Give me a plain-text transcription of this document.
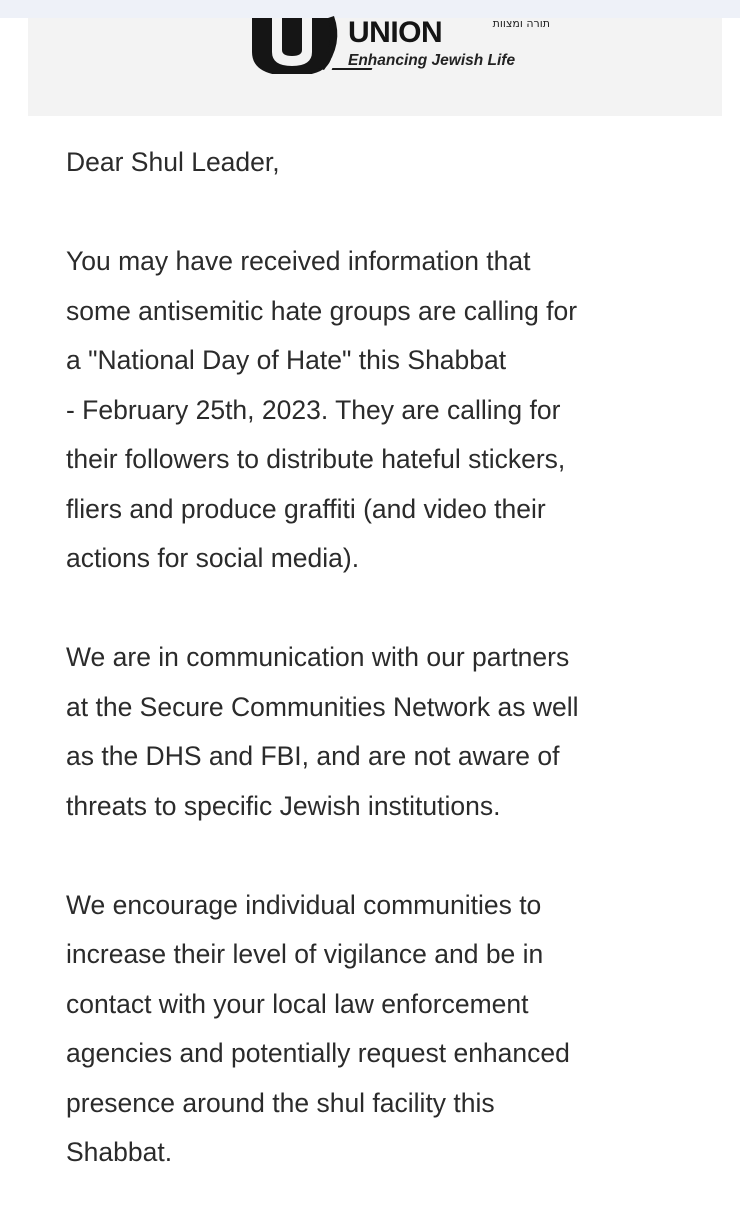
UNION	תורה ומצוות
Enhancing Jewish Life

Dear Shul Leader,

You may have received information that
some antisemitic hate groups are calling for
a "National Day of Hate" this Shabbat
- February 25th, 2023. They are calling for
their followers to distribute hateful stickers,
fliers and produce graffiti (and video their
actions for social media).

We are in communication with our partners
at the Secure Communities Network as well
as the DHS and FBI, and are not aware of
threats to specific Jewish institutions.

We encourage individual communities to
increase their level of vigilance and be in
contact with your local law enforcement
agencies and potentially request enhanced
presence around the shul facility this
Shabbat.
